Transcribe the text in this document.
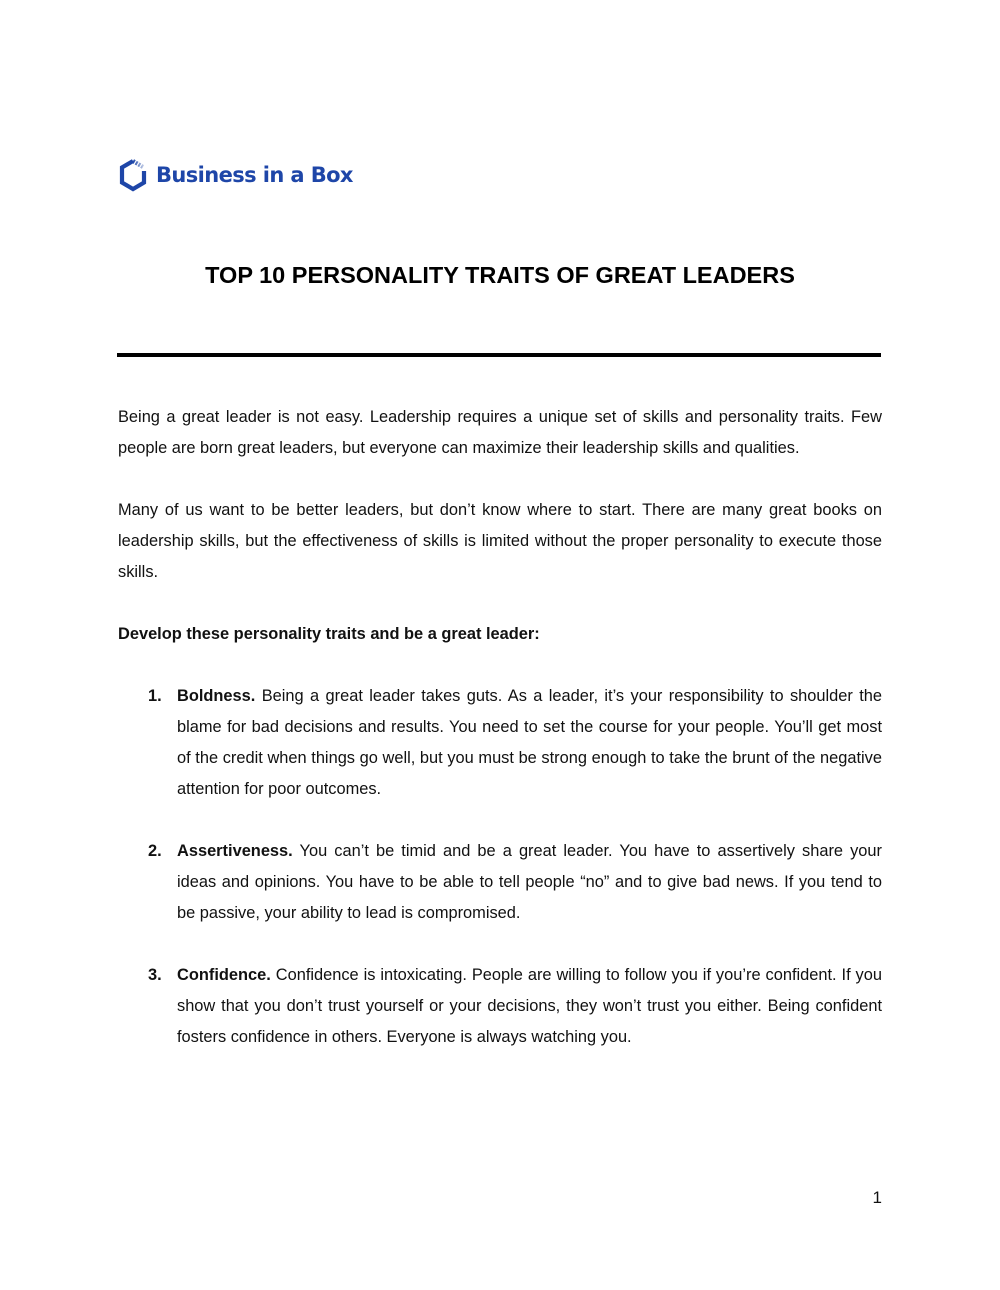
Business in a Box
TOP 10 PERSONALITY TRAITS OF GREAT LEADERS

Being a great leader is not easy. Leadership requires a unique set of skills and personality traits. Few people are born great leaders, but everyone can maximize their leadership skills and qualities.

Many of us want to be better leaders, but don’t know where to start. There are many great books on leadership skills, but the effectiveness of skills is limited without the proper personality to execute those skills.

Develop these personality traits and be a great leader:

1. Boldness. Being a great leader takes guts. As a leader, it’s your responsibility to shoulder the blame for bad decisions and results. You need to set the course for your people. You’ll get most of the credit when things go well, but you must be strong enough to take the brunt of the negative attention for poor outcomes.
2. Assertiveness. You can’t be timid and be a great leader. You have to assertively share your ideas and opinions. You have to be able to tell people “no” and to give bad news. If you tend to be passive, your ability to lead is compromised.
3. Confidence. Confidence is intoxicating. People are willing to follow you if you’re confident. If you show that you don’t trust yourself or your decisions, they won’t trust you either. Being confident fosters confidence in others. Everyone is always watching you.
1
